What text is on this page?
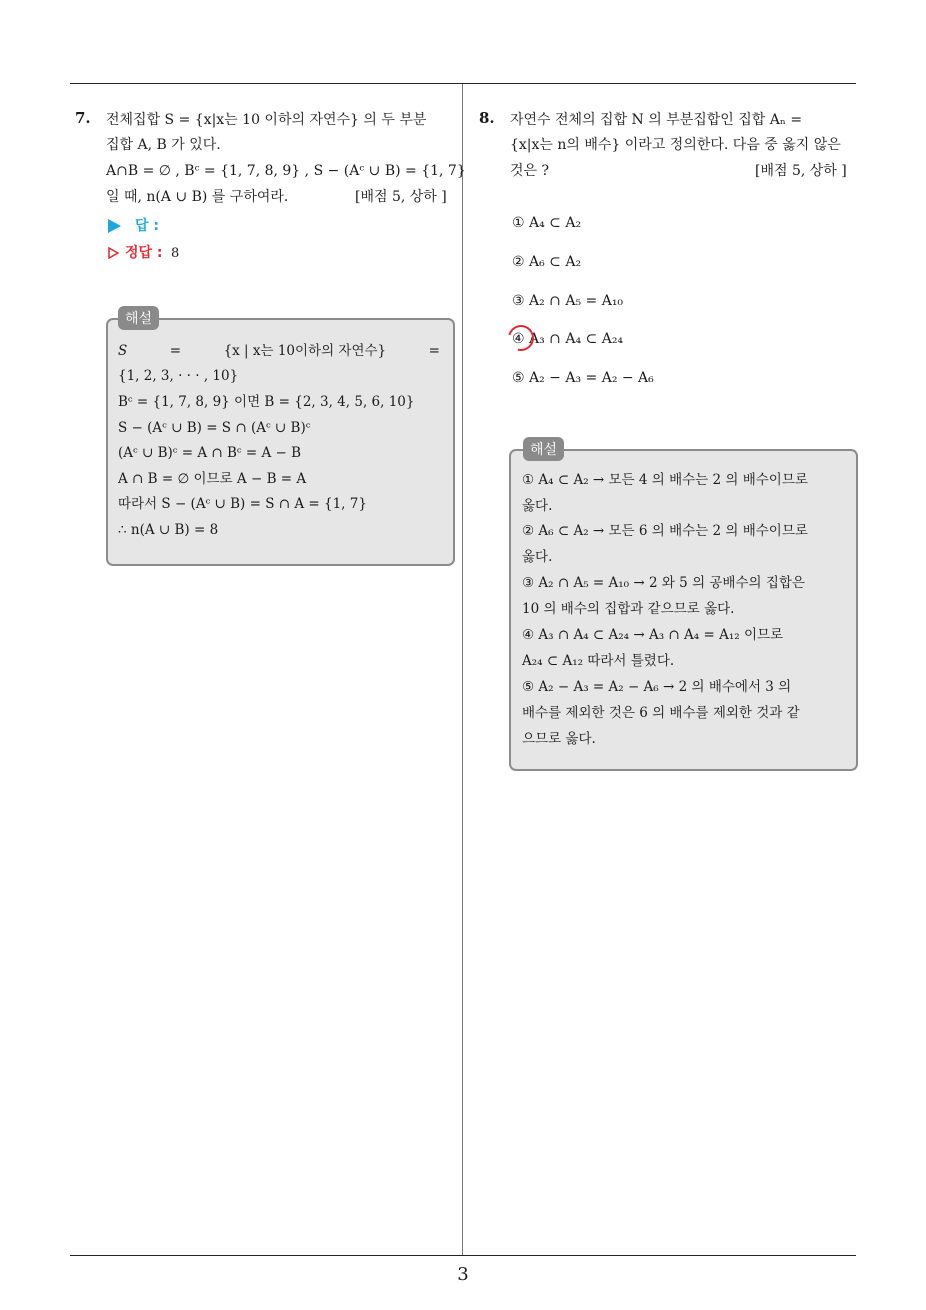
3
7. 전체집합 S = {x|x는 10 이하의 자연수} 의 두 부분
집합 A, B 가 있다.
A∩B = ∅ , Bᶜ = {1, 7, 8, 9} , S − (Aᶜ ∪ B) = {1, 7}
일 때, n(A ∪ B) 를 구하여라.	[배점 5, 상하 ]
답 :
정답 : 8
해설
S	=	{x | x는 10이하의 자연수}	=
{1, 2, 3, · · · , 10}
Bᶜ = {1, 7, 8, 9} 이면 B = {2, 3, 4, 5, 6, 10}
S − (Aᶜ ∪ B) = S ∩ (Aᶜ ∪ B)ᶜ
(Aᶜ ∪ B)ᶜ = A ∩ Bᶜ = A − B
A ∩ B = ∅ 이므로 A − B = A
따라서 S − (Aᶜ ∪ B) = S ∩ A = {1, 7}
∴ n(A ∪ B) = 8
8. 자연수 전체의 집합 N 의 부분집합인 집합 Aₙ =
{x|x는 n의 배수} 이라고 정의한다. 다음 중 옳지 않은
것은 ?	[배점 5, 상하 ]
① A₄ ⊂ A₂
② A₆ ⊂ A₂
③ A₂ ∩ A₅ = A₁₀
④ A₃ ∩ A₄ ⊂ A₂₄
⑤ A₂ − A₃ = A₂ − A₆
해설
① A₄ ⊂ A₂ → 모든 4 의 배수는 2 의 배수이므로
옳다.
② A₆ ⊂ A₂ → 모든 6 의 배수는 2 의 배수이므로
옳다.
③ A₂ ∩ A₅ = A₁₀ → 2 와 5 의 공배수의 집합은
10 의 배수의 집합과 같으므로 옳다.
④ A₃ ∩ A₄ ⊂ A₂₄ → A₃ ∩ A₄ = A₁₂ 이므로
A₂₄ ⊂ A₁₂ 따라서 틀렸다.
⑤ A₂ − A₃ = A₂ − A₆ → 2 의 배수에서 3 의
배수를 제외한 것은 6 의 배수를 제외한 것과 같
으므로 옳다.
